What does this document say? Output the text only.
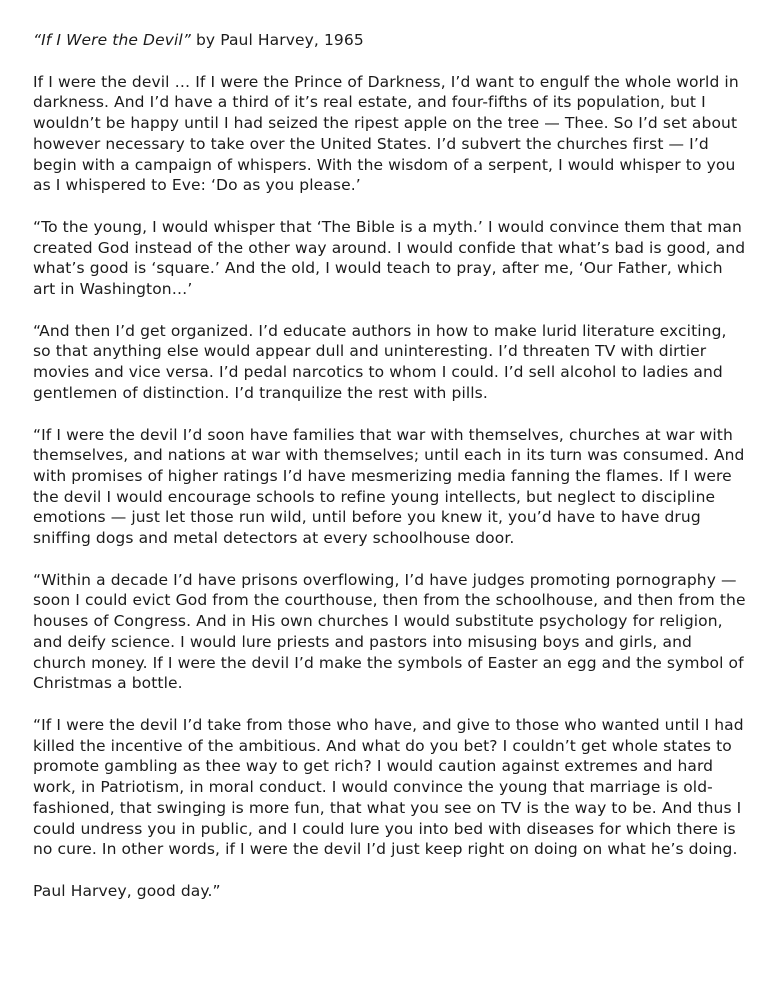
“If I Were the Devil” by Paul Harvey, 1965

If I were the devil … If I were the Prince of Darkness, I’d want to engulf the whole world in darkness. And I’d have a third of it’s real estate, and four-fifths of its population, but I wouldn’t be happy until I had seized the ripest apple on the tree — Thee. So I’d set about however necessary to take over the United States. I’d subvert the churches first — I’d begin with a campaign of whispers. With the wisdom of a serpent, I would whisper to you as I whispered to Eve: ‘Do as you please.’

“To the young, I would whisper that ‘The Bible is a myth.’ I would convince them that man created God instead of the other way around. I would confide that what’s bad is good, and what’s good is ‘square.’ And the old, I would teach to pray, after me, ‘Our Father, which art in Washington…’

“And then I’d get organized. I’d educate authors in how to make lurid literature exciting, so that anything else would appear dull and uninteresting. I’d threaten TV with dirtier movies and vice versa. I’d pedal narcotics to whom I could. I’d sell alcohol to ladies and gentlemen of distinction. I’d tranquilize the rest with pills.

“If I were the devil I’d soon have families that war with themselves, churches at war with themselves, and nations at war with themselves; until each in its turn was consumed. And with promises of higher ratings I’d have mesmerizing media fanning the flames. If I were the devil I would encourage schools to refine young intellects, but neglect to discipline emotions — just let those run wild, until before you knew it, you’d have to have drug sniffing dogs and metal detectors at every schoolhouse door.

“Within a decade I’d have prisons overflowing, I’d have judges promoting pornography — soon I could evict God from the courthouse, then from the schoolhouse, and then from the houses of Congress. And in His own churches I would substitute psychology for religion, and deify science. I would lure priests and pastors into misusing boys and girls, and church money. If I were the devil I’d make the symbols of Easter an egg and the symbol of Christmas a bottle.

“If I were the devil I’d take from those who have, and give to those who wanted until I had killed the incentive of the ambitious. And what do you bet? I couldn’t get whole states to promote gambling as thee way to get rich? I would caution against extremes and hard work, in Patriotism, in moral conduct. I would convince the young that marriage is old-fashioned, that swinging is more fun, that what you see on TV is the way to be. And thus I could undress you in public, and I could lure you into bed with diseases for which there is no cure. In other words, if I were the devil I’d just keep right on doing on what he’s doing.

Paul Harvey, good day.”
